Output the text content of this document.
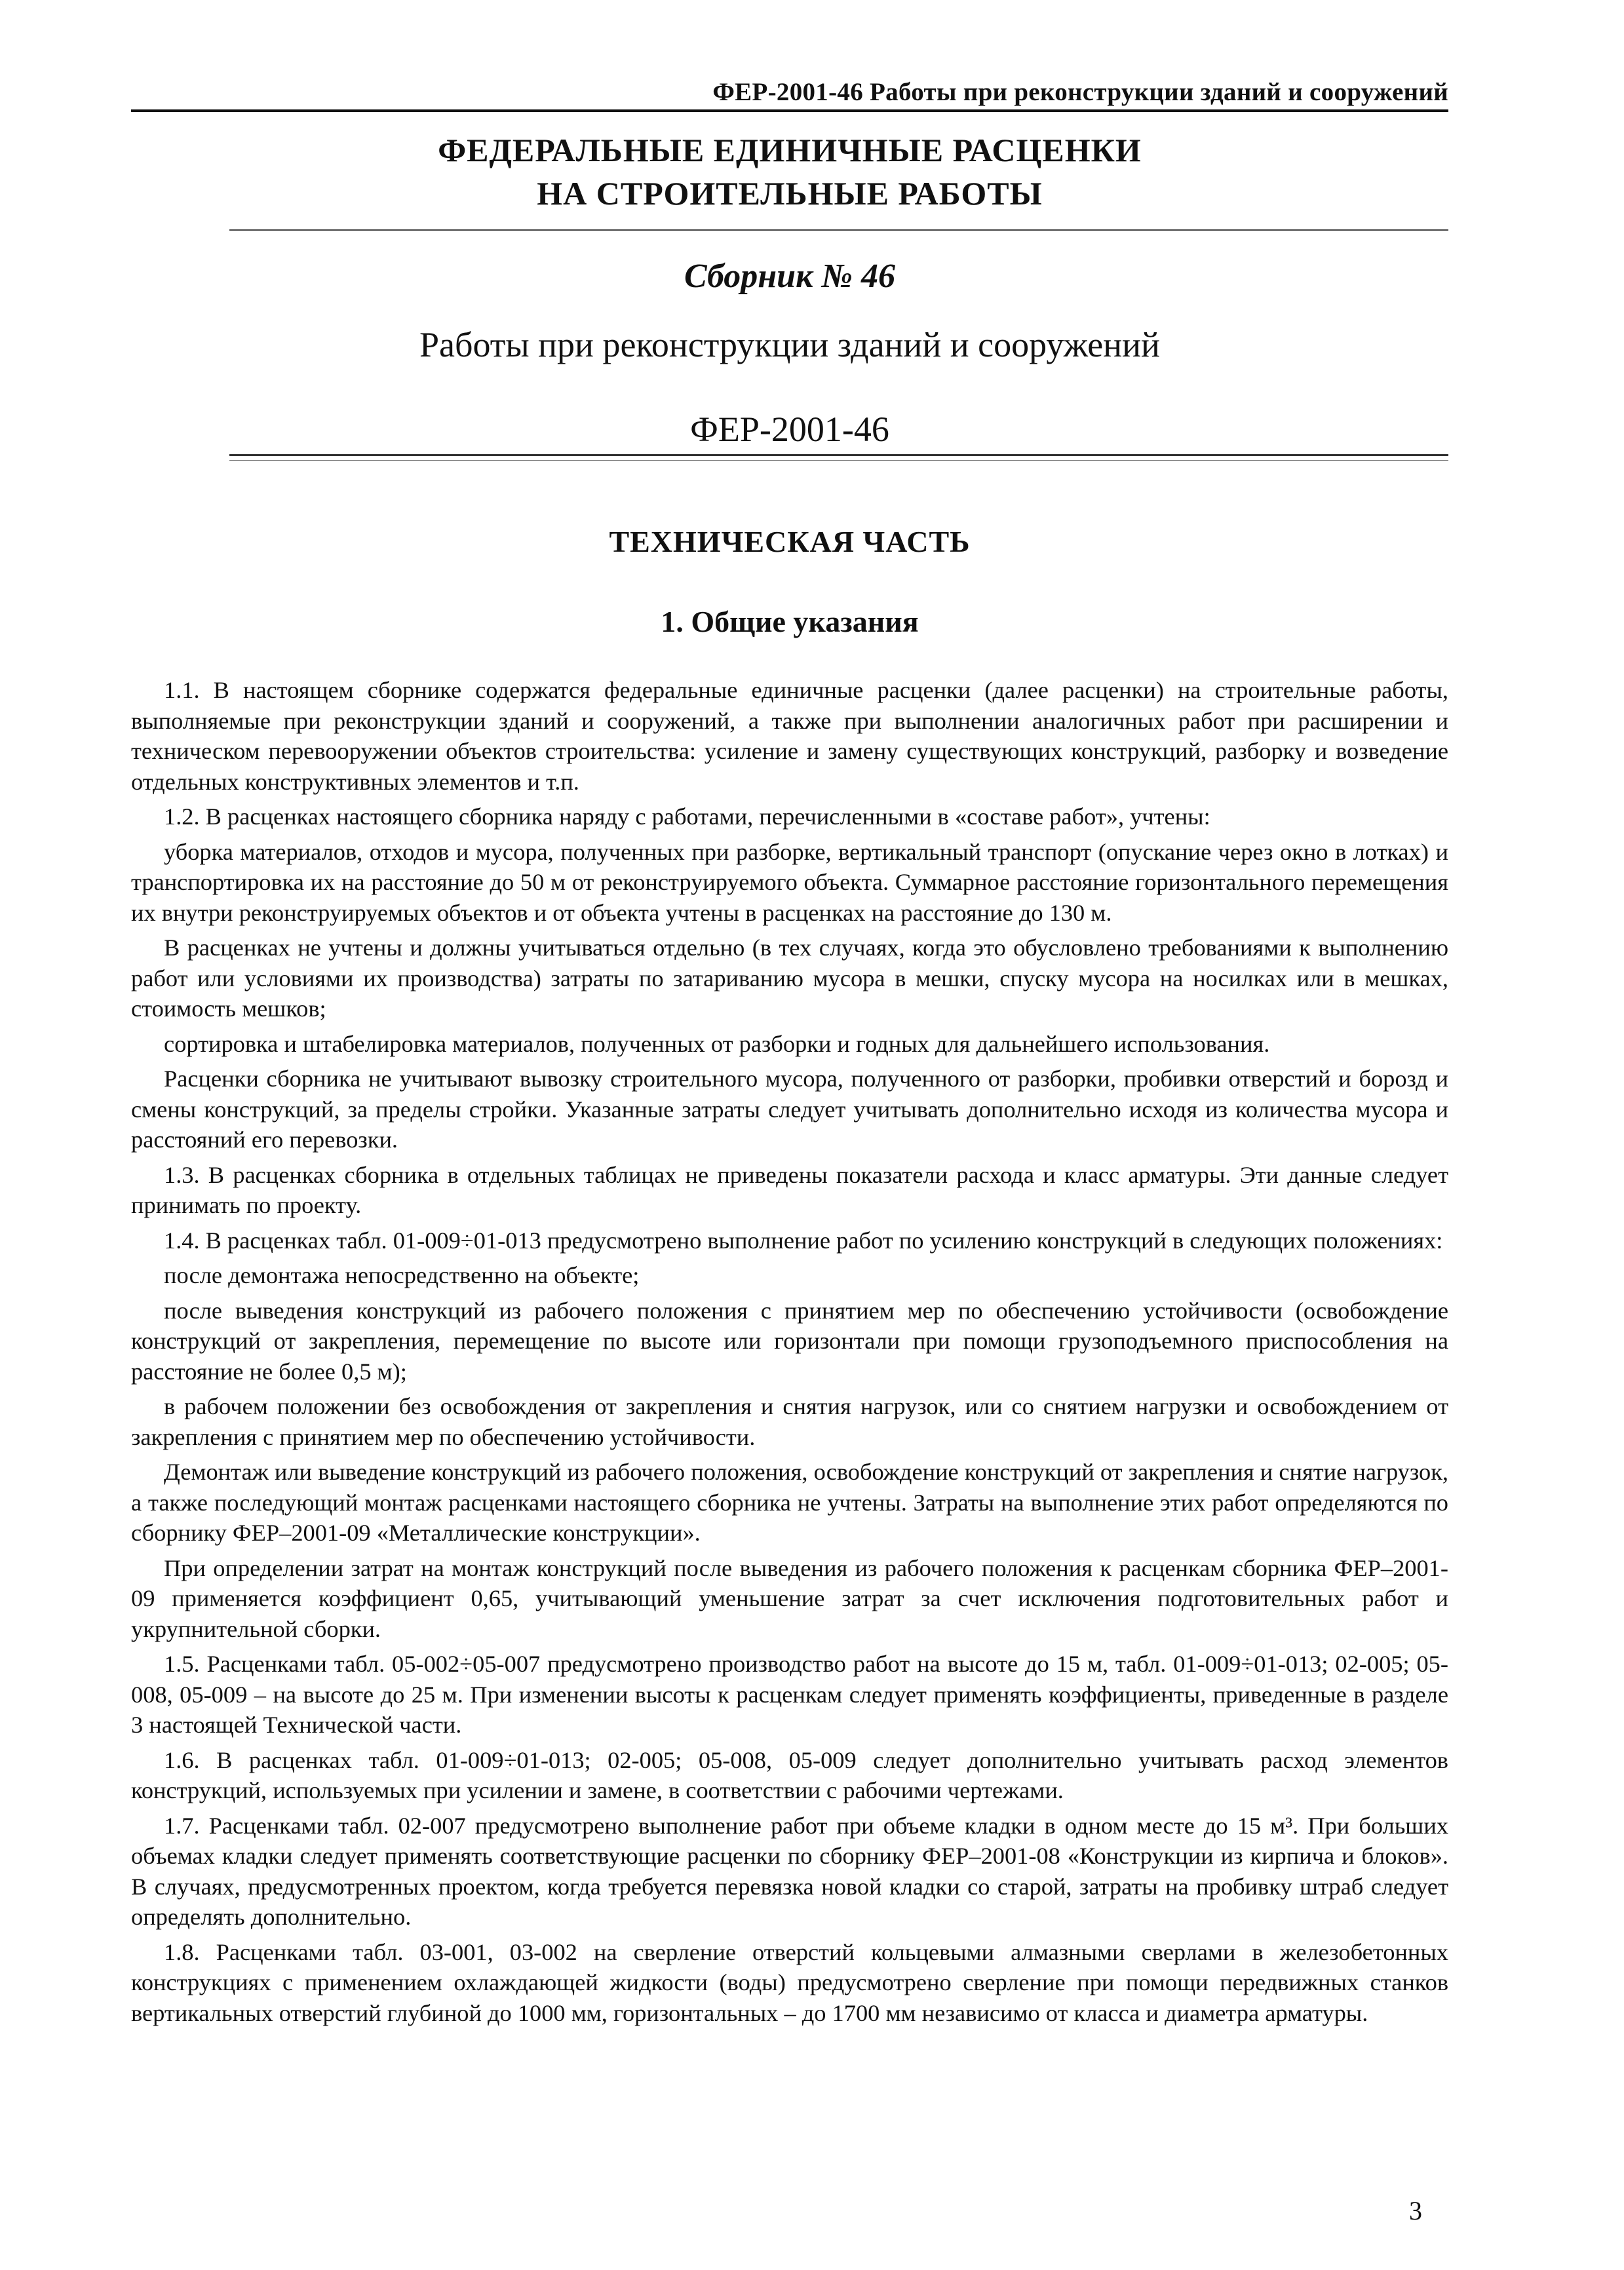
ФЕР-2001-46 Работы при реконструкции зданий и сооружений
ФЕДЕРАЛЬНЫЕ ЕДИНИЧНЫЕ РАСЦЕНКИ
НА СТРОИТЕЛЬНЫЕ РАБОТЫ
Сборник № 46
Работы при реконструкции зданий и сооружений
ФЕР-2001-46
ТЕХНИЧЕСКАЯ ЧАСТЬ
1. Общие указания

1.1. В настоящем сборнике содержатся федеральные единичные расценки (далее расценки) на строительные работы, выполняемые при реконструкции зданий и сооружений, а также при выполнении аналогичных работ при расширении и техническом перевооружении объектов строительства: усиление и замену существующих конструкций, разборку и возведение отдельных конструктивных элементов и т.п.

1.2. В расценках настоящего сборника наряду с работами, перечисленными в «составе работ», учтены:

уборка материалов, отходов и мусора, полученных при разборке, вертикальный транспорт (опускание через окно в лотках) и транспортировка их на расстояние до 50 м от реконструируемого объекта. Суммарное расстояние горизонтального перемещения их внутри реконструируемых объектов и от объекта учтены в расценках на расстояние до 130 м.

В расценках не учтены и должны учитываться отдельно (в тех случаях, когда это обусловлено требованиями к выполнению работ или условиями их производства) затраты по затариванию мусора в мешки, спуску мусора на носилках или в мешках, стоимость мешков;

сортировка и штабелировка материалов, полученных от разборки и годных для дальнейшего использования.

Расценки сборника не учитывают вывозку строительного мусора, полученного от разборки, пробивки отверстий и борозд и смены конструкций, за пределы стройки. Указанные затраты следует учитывать дополнительно исходя из количества мусора и расстояний его перевозки.

1.3. В расценках сборника в отдельных таблицах не приведены показатели расхода и класс арматуры. Эти данные следует принимать по проекту.

1.4. В расценках табл. 01-009÷01-013 предусмотрено выполнение работ по усилению конструкций в следующих положениях:

после демонтажа непосредственно на объекте;

после выведения конструкций из рабочего положения с принятием мер по обеспечению устойчивости (освобождение конструкций от закрепления, перемещение по высоте или горизонтали при помощи грузоподъемного приспособления на расстояние не более 0,5 м);

в рабочем положении без освобождения от закрепления и снятия нагрузок, или со снятием нагрузки и освобождением от закрепления с принятием мер по обеспечению устойчивости.

Демонтаж или выведение конструкций из рабочего положения, освобождение конструкций от закрепления и снятие нагрузок, а также последующий монтаж расценками настоящего сборника не учтены. Затраты на выполнение этих работ определяются по сборнику ФЕР–2001-09 «Металлические конструкции».

При определении затрат на монтаж конструкций после выведения из рабочего положения к расценкам сборника ФЕР–2001-09 применяется коэффициент 0,65, учитывающий уменьшение затрат за счет исключения подготовительных работ и укрупнительной сборки.

1.5. Расценками табл. 05-002÷05-007 предусмотрено производство работ на высоте до 15 м, табл. 01-009÷01-013; 02-005; 05-008, 05-009 – на высоте до 25 м. При изменении высоты к расценкам следует применять коэффициенты, приведенные в разделе 3 настоящей Технической части.

1.6. В расценках табл. 01-009÷01-013; 02-005; 05-008, 05-009 следует дополнительно учитывать расход элементов конструкций, используемых при усилении и замене, в соответствии с рабочими чертежами.

1.7. Расценками табл. 02-007 предусмотрено выполнение работ при объеме кладки в одном месте до 15 м³. При больших объемах кладки следует применять соответствующие расценки по сборнику ФЕР–2001-08 «Конструкции из кирпича и блоков». В случаях, предусмотренных проектом, когда требуется перевязка новой кладки со старой, затраты на пробивку штраб следует определять дополнительно.

1.8. Расценками табл. 03-001, 03-002 на сверление отверстий кольцевыми алмазными сверлами в железобетонных конструкциях с применением охлаждающей жидкости (воды) предусмотрено сверление при помощи передвижных станков вертикальных отверстий глубиной до 1000 мм, горизонтальных – до 1700 мм независимо от класса и диаметра арматуры.

3
